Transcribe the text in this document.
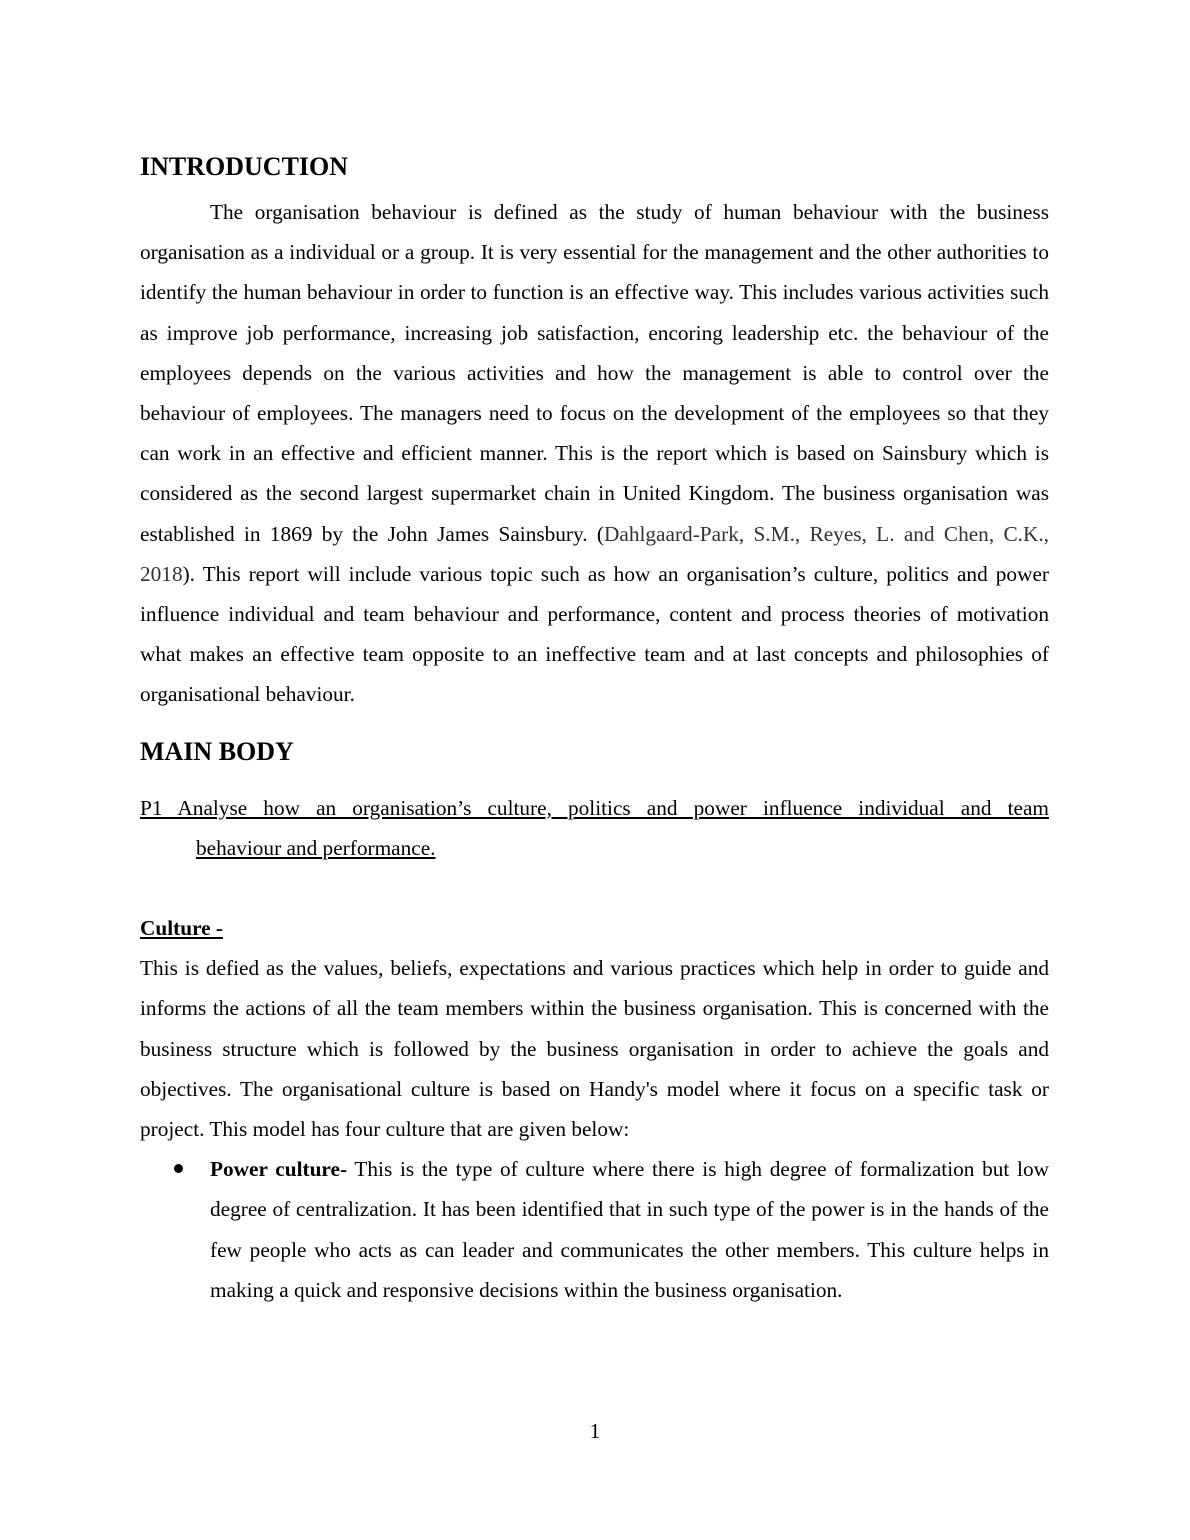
INTRODUCTION

The organisation behaviour is defined as the study of human behaviour with the business organisation as a individual or a group. It is very essential for the management and the other authorities to identify the human behaviour in order to function is an effective way. This includes various activities such as improve job performance, increasing job satisfaction, encoring leadership etc. the behaviour of the employees depends on the various activities and how the management is able to control over the behaviour of employees. The managers need to focus on the development of the employees so that they can work in an effective and efficient manner. This is the report which is based on Sainsbury which is considered as the second largest supermarket chain in United Kingdom. The business organisation was established in 1869 by the John James Sainsbury. (Dahlgaard-Park, S.M., Reyes, L. and Chen, C.K., 2018). This report will include various topic such as how an organisation’s culture, politics and power influence individual and team behaviour and performance, content and process theories of motivation what makes an effective team opposite to an ineffective team and at last concepts and philosophies of organisational behaviour.

MAIN BODY

P1 Analyse how an organisation’s culture, politics and power influence individual and team
behaviour and performance.

Culture -

This is defied as the values, beliefs, expectations and various practices which help in order to guide and informs the actions of all the team members within the business organisation. This is concerned with the business structure which is followed by the business organisation in order to achieve the goals and objectives. The organisational culture is based on Handy's model where it focus on a specific task or project. This model has four culture that are given below:

Power culture- This is the type of culture where there is high degree of formalization but low degree of centralization. It has been identified that in such type of the power is in the hands of the few people who acts as can leader and communicates the other members. This culture helps in making a quick and responsive decisions within the business organisation.
1
